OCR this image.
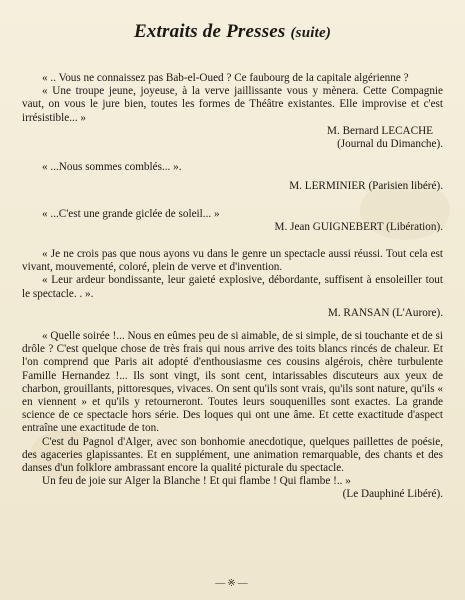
Extraits de Presses (suite)

« .. Vous ne connaissez pas Bab-el-Oued ? Ce faubourg de la capitale algérienne ?

« Une troupe jeune, joyeuse, à la verve jaillissante vous y mènera. Cette Compagnie vaut, on vous le jure bien, toutes les formes de Théâtre existantes. Elle improvise et c'est irrésistible... »

M. Bernard LECACHE

(Journal du Dimanche).

« ...Nous sommes comblés... ».

M. LERMINIER (Parisien libéré).

« ...C'est une grande giclée de soleil... »

M. Jean GUIGNEBERT (Libération).

« Je ne crois pas que nous ayons vu dans le genre un spectacle aussi réussi. Tout cela est vivant, mouvementé, coloré, plein de verve et d'invention.

« Leur ardeur bondissante, leur gaieté explosive, débordante, suffisent à ensoleiller tout le spectacle. . ».

M. RANSAN (L'Aurore).

« Quelle soirée !... Nous en eûmes peu de si aimable, de si simple, de si touchante et de si drôle ? C'est quelque chose de très frais qui nous arrive des toits blancs rincés de chaleur. Et l'on comprend que Paris ait adopté d'enthousiasme ces cousins algérois, chère turbulente Famille Hernandez !... Ils sont vingt, ils sont cent, intarissables discuteurs aux yeux de charbon, grouillants, pittoresques, vivaces. On sent qu'ils sont vrais, qu'ils sont nature, qu'ils « en viennent » et qu'ils y retourneront. Toutes leurs souquenilles sont exactes. La grande science de ce spectacle hors série. Des loques qui ont une âme. Et cette exactitude d'aspect entraîne une exactitude de ton.

C'est du Pagnol d'Alger, avec son bonhomie anecdotique, quelques paillettes de poésie, des agaceries glapissantes. Et en supplément, une animation remarquable, des chants et des danses d'un folklore ambrassant encore la qualité picturale du spectacle.

Un feu de joie sur Alger la Blanche ! Et qui flambe ! Qui flambe !.. »

(Le Dauphiné Libéré).

—※—
